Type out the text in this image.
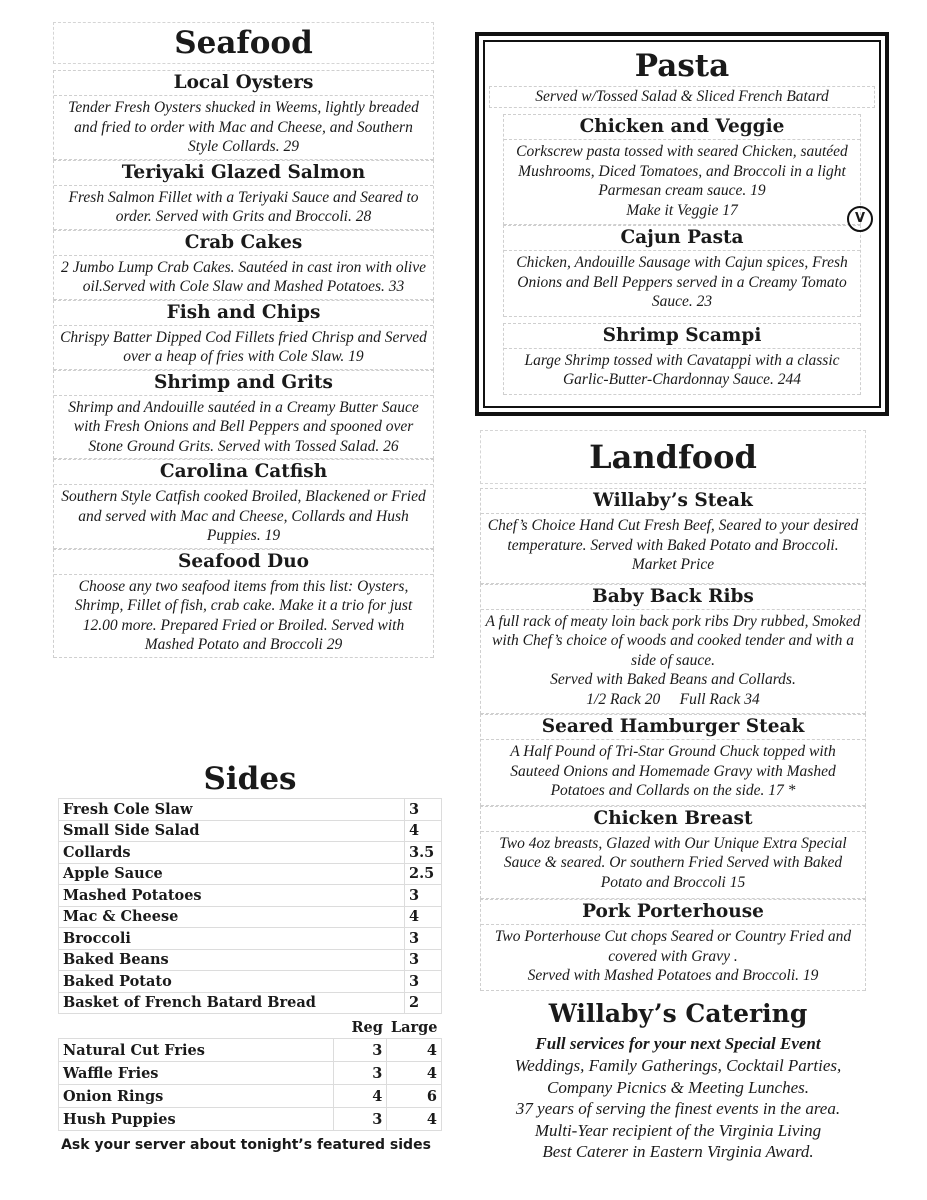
Seafood
Local Oysters
Tender Fresh Oysters shucked in Weems, lightly breaded and fried to order with Mac and Cheese, and Southern Style Collards. 29
Teriyaki Glazed Salmon
Fresh Salmon Fillet with a Teriyaki Sauce and Seared to order. Served with Grits and Broccoli. 28
Crab Cakes
2 Jumbo Lump Crab Cakes. Sautéed in cast iron with olive oil.Served with Cole Slaw and Mashed Potatoes. 33
Fish and Chips
Chrispy Batter Dipped Cod Fillets fried Chrisp and Served over a heap of fries with Cole Slaw. 19
Shrimp and Grits
Shrimp and Andouille sautéed in a Creamy Butter Sauce with Fresh Onions and Bell Peppers and spooned over Stone Ground Grits. Served with Tossed Salad. 26
Carolina Catfish
Southern Style Catfish cooked Broiled, Blackened or Fried and served with Mac and Cheese, Collards and Hush Puppies. 19
Seafood Duo
Choose any two seafood items from this list: Oysters, Shrimp, Fillet of fish, crab cake. Make it a trio for just 12.00 more. Prepared Fried or Broiled. Served with Mashed Potato and Broccoli 29
Pasta
Served w/Tossed Salad & Sliced French Batard
Chicken and Veggie
Corkscrew pasta tossed with seared Chicken, sautéed Mushrooms, Diced Tomatoes, and Broccoli in a light Parmesan cream sauce. 19
Make it Veggie 17
Cajun Pasta
Chicken, Andouille Sausage with Cajun spices, Fresh Onions and Bell Peppers served in a Creamy Tomato Sauce. 23
Shrimp Scampi
Large Shrimp tossed with Cavatappi with a classic Garlic-Butter-Chardonnay Sauce. 244
V
Landfood
Willaby’s Steak
Chef’s Choice Hand Cut Fresh Beef, Seared to your desired temperature. Served with Baked Potato and Broccoli. Market Price
Baby Back Ribs
A full rack of meaty loin back pork ribs Dry rubbed, Smoked with Chef’s choice of woods and cooked tender and with a side of sauce.
Served with Baked Beans and Collards.
1/2 Rack 20     Full Rack 34
Seared Hamburger Steak
A Half Pound of Tri-Star Ground Chuck topped with Sauteed Onions and Homemade Gravy with Mashed Potatoes and Collards on the side. 17 *
Chicken Breast
Two 4oz breasts, Glazed with Our Unique Extra Special Sauce & seared. Or southern Fried Served with Baked Potato and Broccoli 15
Pork Porterhouse
Two Porterhouse Cut chops Seared or Country Fried and covered with Gravy .
Served with Mashed Potatoes and Broccoli. 19
Sides
Fresh Cole Slaw	3
Small Side Salad	4
Collards	3.5
Apple Sauce	2.5
Mashed Potatoes	3
Mac & Cheese	4
Broccoli	3
Baked Beans	3
Baked Potato	3
Basket of French Batard Bread	2
	Reg	Large
Natural Cut Fries	3	4
Waffle Fries	3	4
Onion Rings	4	6
Hush Puppies	3	4
Ask your server about tonight’s featured sides
Willaby’s Catering
Full services for your next Special Event
Weddings, Family Gatherings, Cocktail Parties,
Company Picnics & Meeting Lunches.
37 years of serving the finest events in the area.
Multi-Year recipient of the Virginia Living
Best Caterer in Eastern Virginia Award.
